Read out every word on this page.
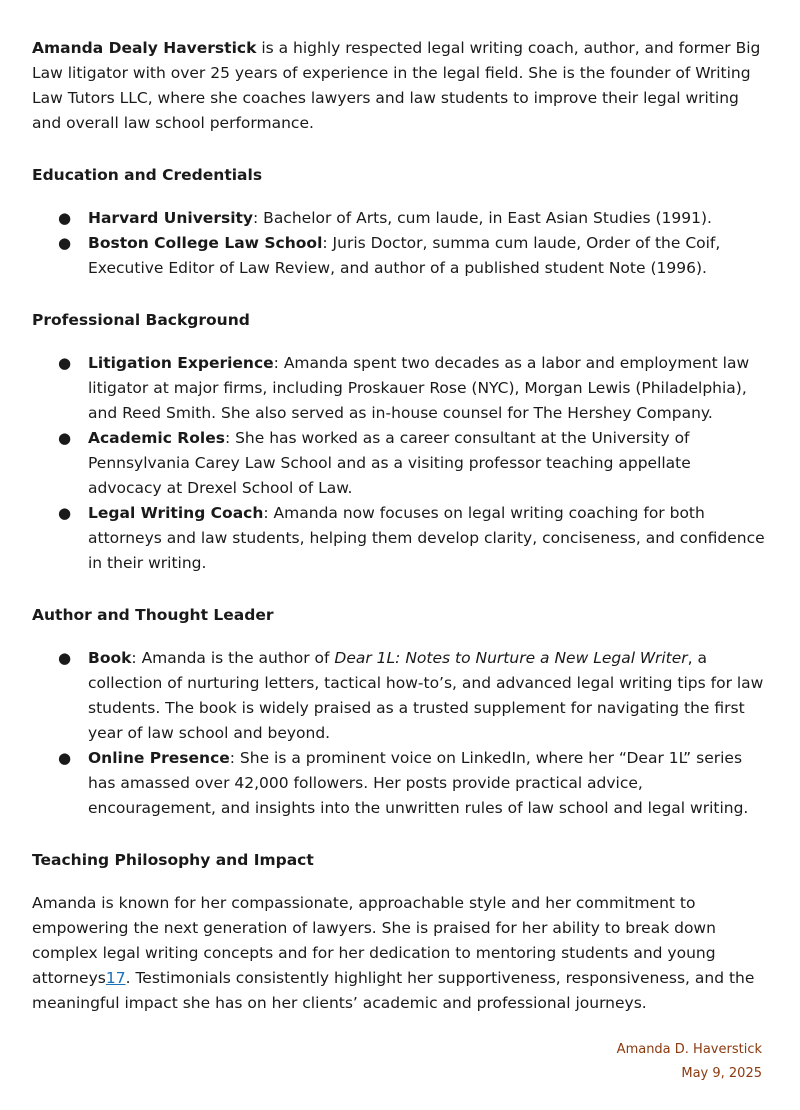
Amanda Dealy Haverstick is a highly respected legal writing coach, author, and former Big Law litigator with over 25 years of experience in the legal field. She is the founder of Writing Law Tutors LLC, where she coaches lawyers and law students to improve their legal writing and overall law school performance.

Education and Credentials
● Harvard University: Bachelor of Arts, cum laude, in East Asian Studies (1991).
● Boston College Law School: Juris Doctor, summa cum laude, Order of the Coif, Executive Editor of Law Review, and author of a published student Note (1996).
Professional Background
● Litigation Experience: Amanda spent two decades as a labor and employment law litigator at major firms, including Proskauer Rose (NYC), Morgan Lewis (Philadelphia), and Reed Smith. She also served as in-house counsel for The Hershey Company.
● Academic Roles: She has worked as a career consultant at the University of Pennsylvania Carey Law School and as a visiting professor teaching appellate advocacy at Drexel School of Law.
● Legal Writing Coach: Amanda now focuses on legal writing coaching for both attorneys and law students, helping them develop clarity, conciseness, and confidence in their writing.
Author and Thought Leader
● Book: Amanda is the author of Dear 1L: Notes to Nurture a New Legal Writer, a collection of nurturing letters, tactical how-to’s, and advanced legal writing tips for law students. The book is widely praised as a trusted supplement for navigating the first year of law school and beyond.
● Online Presence: She is a prominent voice on LinkedIn, where her “Dear 1L” series has amassed over 42,000 followers. Her posts provide practical advice, encouragement, and insights into the unwritten rules of law school and legal writing.
Teaching Philosophy and Impact

Amanda is known for her compassionate, approachable style and her commitment to empowering the next generation of lawyers. She is praised for her ability to break down complex legal writing concepts and for her dedication to mentoring students and young attorneys17. Testimonials consistently highlight her supportiveness, responsiveness, and the meaningful impact she has on her clients’ academic and professional journeys.

Amanda D. Haverstick
May 9, 2025
